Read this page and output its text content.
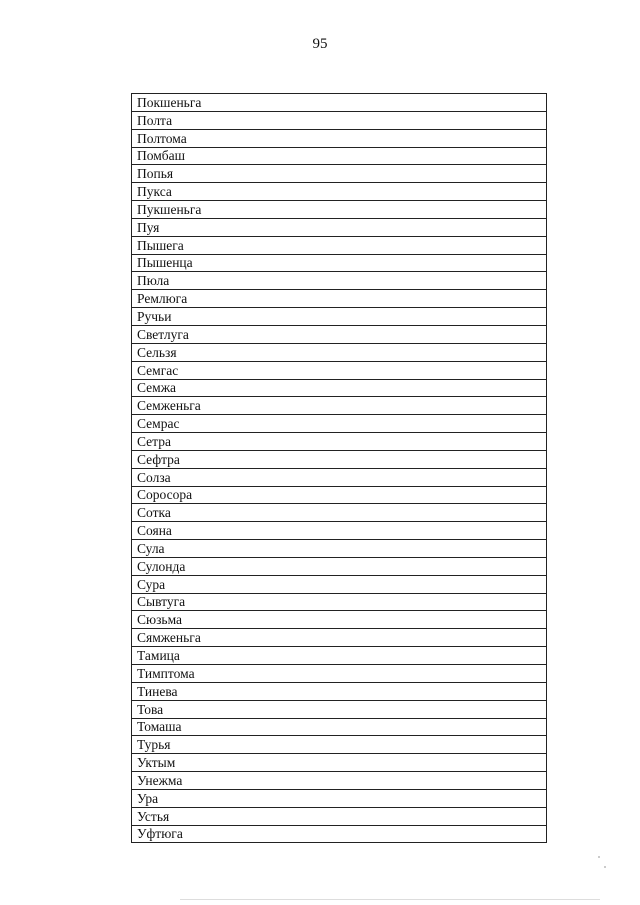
95
Покшеньга
Полта
Полтома
Помбаш
Попья
Пукса
Пукшеньга
Пуя
Пышега
Пышенца
Пюла
Ремлюга
Ручьи
Светлуга
Сельзя
Семгас
Семжа
Семженьга
Семрас
Сетра
Сефтра
Солза
Соросора
Сотка
Сояна
Сула
Сулонда
Сура
Сывтуга
Сюзьма
Сямженьга
Тамица
Тимптома
Тинева
Това
Томаша
Турья
Уктым
Унежма
Ура
Устья
Уфтюга
